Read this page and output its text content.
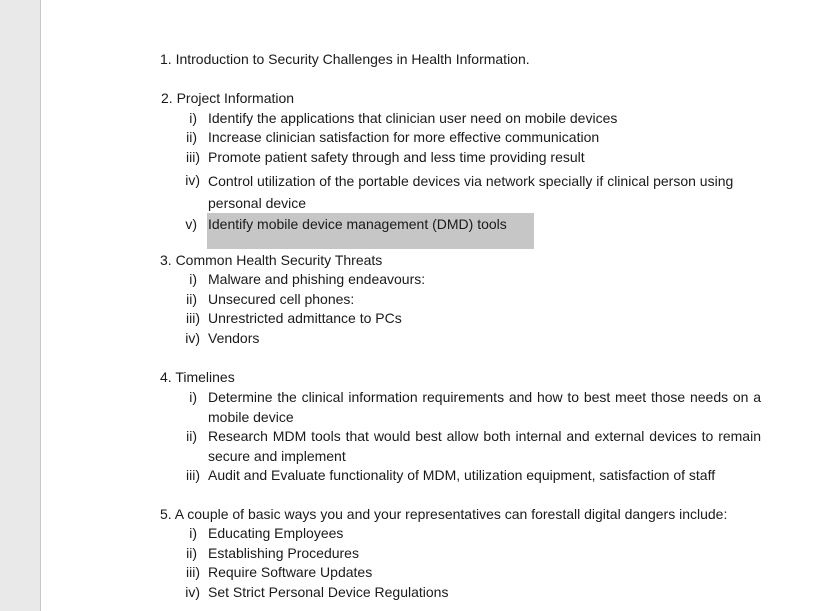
1. Introduction to Security Challenges in Health Information.
2. Project Information
i) Identify the applications that clinician user need on mobile devices
ii) Increase clinician satisfaction for more effective communication
iii) Promote patient safety through and less time providing result
iv) Control utilization of the portable devices via network specially if clinical person using personal device
v) Identify mobile device management (DMD) tools
3. Common Health Security Threats
i) Malware and phishing endeavours:
ii) Unsecured cell phones:
iii) Unrestricted admittance to PCs
iv) Vendors
4. Timelines
i) Determine the clinical information requirements and how to best meet those needs on a mobile device
ii) Research MDM tools that would best allow both internal and external devices to remain secure and implement
iii) Audit and Evaluate functionality of MDM, utilization equipment, satisfaction of staff
5. A couple of basic ways you and your representatives can forestall digital dangers include:
i) Educating Employees
ii) Establishing Procedures
iii) Require Software Updates
iv) Set Strict Personal Device Regulations
